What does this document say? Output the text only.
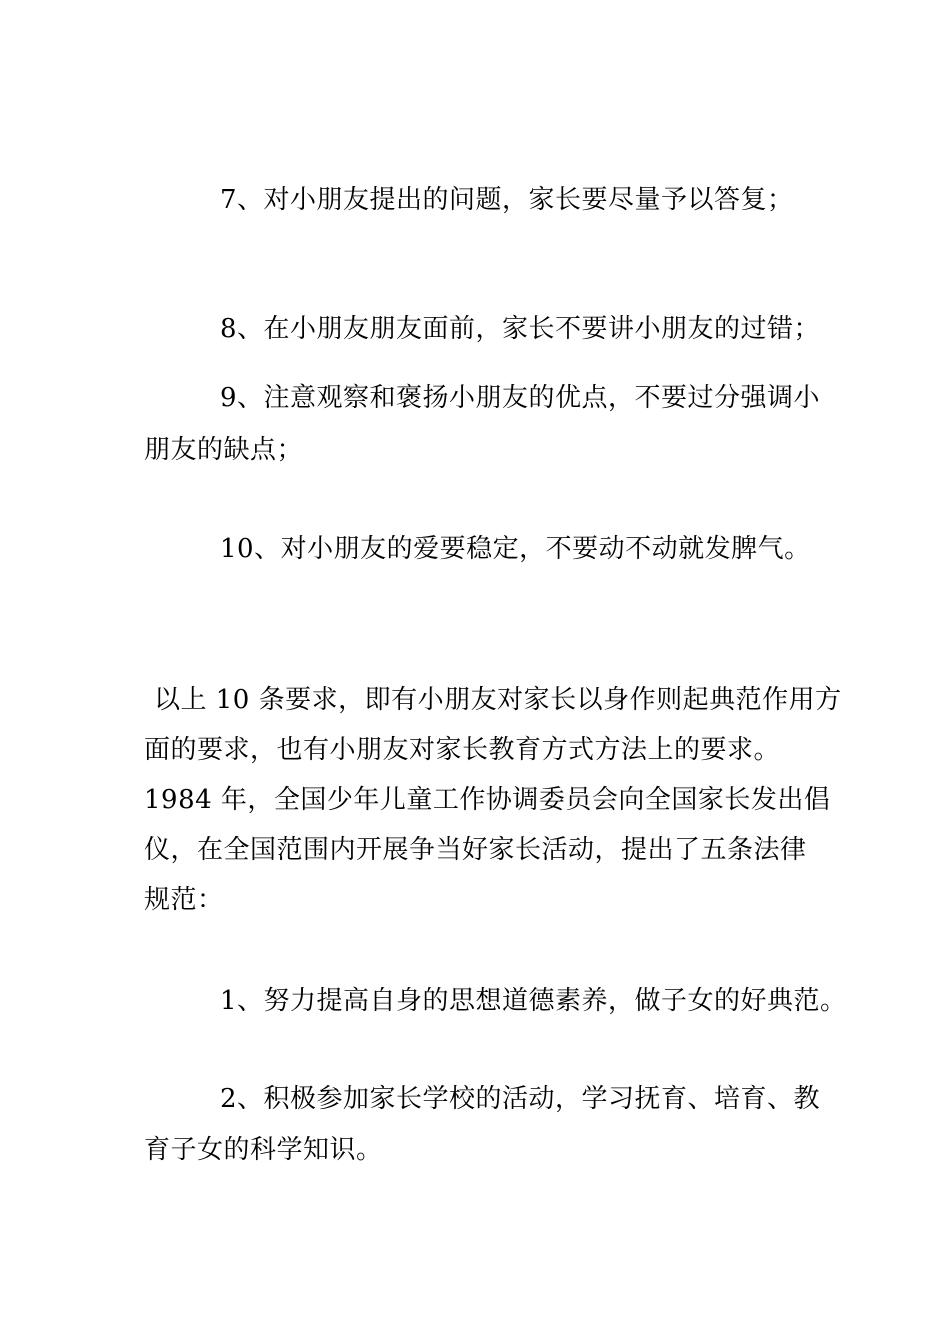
7、对小朋友提出的问题，家长要尽量予以答复；
8、在小朋友朋友面前，家长不要讲小朋友的过错；
9、注意观察和褒扬小朋友的优点，不要过分强调小
朋友的缺点；
10、对小朋友的爱要稳定，不要动不动就发脾气。
以上 10 条要求，即有小朋友对家长以身作则起典范作用方
面的要求，也有小朋友对家长教育方式方法上的要求。
1984 年，全国少年儿童工作协调委员会向全国家长发出倡
仪，在全国范围内开展争当好家长活动，提出了五条法律
规范：
1、努力提高自身的思想道德素养，做子女的好典范。
2、积极参加家长学校的活动，学习抚育、培育、教
育子女的科学知识。
